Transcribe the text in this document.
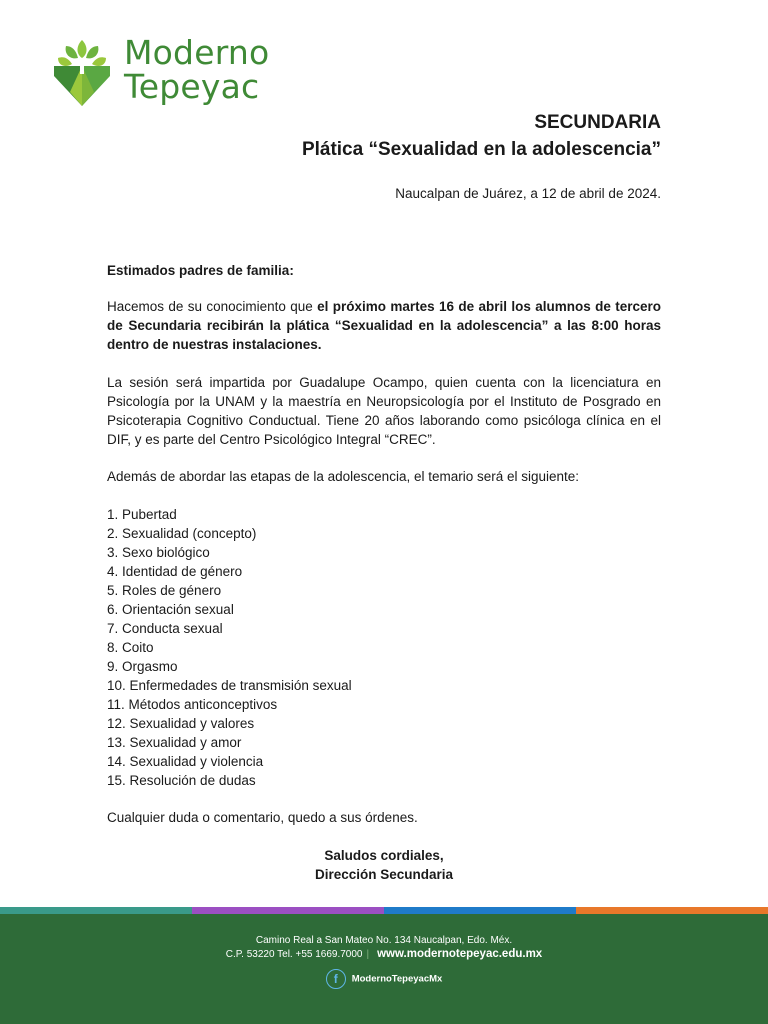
Moderno
Tepeyac
SECUNDARIA
Plática “Sexualidad en la adolescencia”
Naucalpan de Juárez, a 12 de abril de 2024.
Estimados padres de familia:
Hacemos de su conocimiento que el próximo martes 16 de abril los alumnos de tercero de Secundaria recibirán la plática “Sexualidad en la adolescencia” a las 8:00 horas dentro de nuestras instalaciones.
La sesión será impartida por Guadalupe Ocampo, quien cuenta con la licenciatura en Psicología por la UNAM y la maestría en Neuropsicología por el Instituto de Posgrado en Psicoterapia Cognitivo Conductual. Tiene 20 años laborando como psicóloga clínica en el DIF, y es parte del Centro Psicológico Integral “CREC”.
Además de abordar las etapas de la adolescencia, el temario será el siguiente:
1. Pubertad
2. Sexualidad (concepto)
3. Sexo biológico
4. Identidad de género
5. Roles de género
6. Orientación sexual
7. Conducta sexual
8. Coito
9. Orgasmo
10. Enfermedades de transmisión sexual
11. Métodos anticonceptivos
12. Sexualidad y valores
13. Sexualidad y amor
14. Sexualidad y violencia
15. Resolución de dudas
Cualquier duda o comentario, quedo a sus órdenes.
Saludos cordiales,
Dirección Secundaria
Camino Real a San Mateo No. 134 Naucalpan, Edo. Méx.
C.P. 53220 Tel. +55 1669.7000 | www.modernotepeyac.edu.mx
f ModernoTepeyacMx
